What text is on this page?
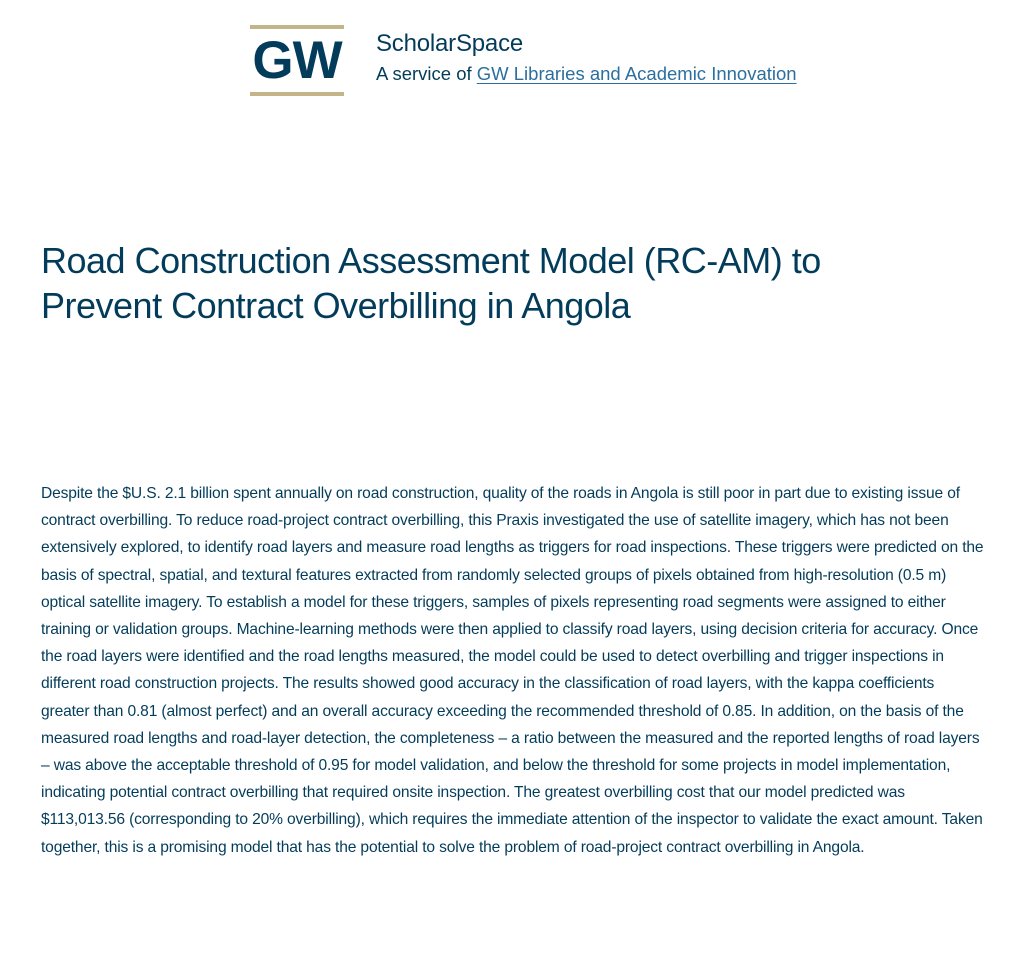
GW ScholarSpace
A service of GW Libraries and Academic Innovation
Road Construction Assessment Model (RC-AM) to Prevent Contract Overbilling in Angola

Despite the $U.S. 2.1 billion spent annually on road construction, quality of the roads in Angola is still poor in part due to existing issue of contract overbilling. To reduce road-project contract overbilling, this Praxis investigated the use of satellite imagery, which has not been extensively explored, to identify road layers and measure road lengths as triggers for road inspections. These triggers were predicted on the basis of spectral, spatial, and textural features extracted from randomly selected groups of pixels obtained from high-resolution (0.5 m) optical satellite imagery. To establish a model for these triggers, samples of pixels representing road segments were assigned to either training or validation groups. Machine-learning methods were then applied to classify road layers, using decision criteria for accuracy. Once the road layers were identified and the road lengths measured, the model could be used to detect overbilling and trigger inspections in different road construction projects. The results showed good accuracy in the classification of road layers, with the kappa coefficients greater than 0.81 (almost perfect) and an overall accuracy exceeding the recommended threshold of 0.85. In addition, on the basis of the measured road lengths and road-layer detection, the completeness – a ratio between the measured and the reported lengths of road layers – was above the acceptable threshold of 0.95 for model validation, and below the threshold for some projects in model implementation, indicating potential contract overbilling that required onsite inspection. The greatest overbilling cost that our model predicted was $113,013.56 (corresponding to 20% overbilling), which requires the immediate attention of the inspector to validate the exact amount. Taken together, this is a promising model that has the potential to solve the problem of road-project contract overbilling in Angola.
